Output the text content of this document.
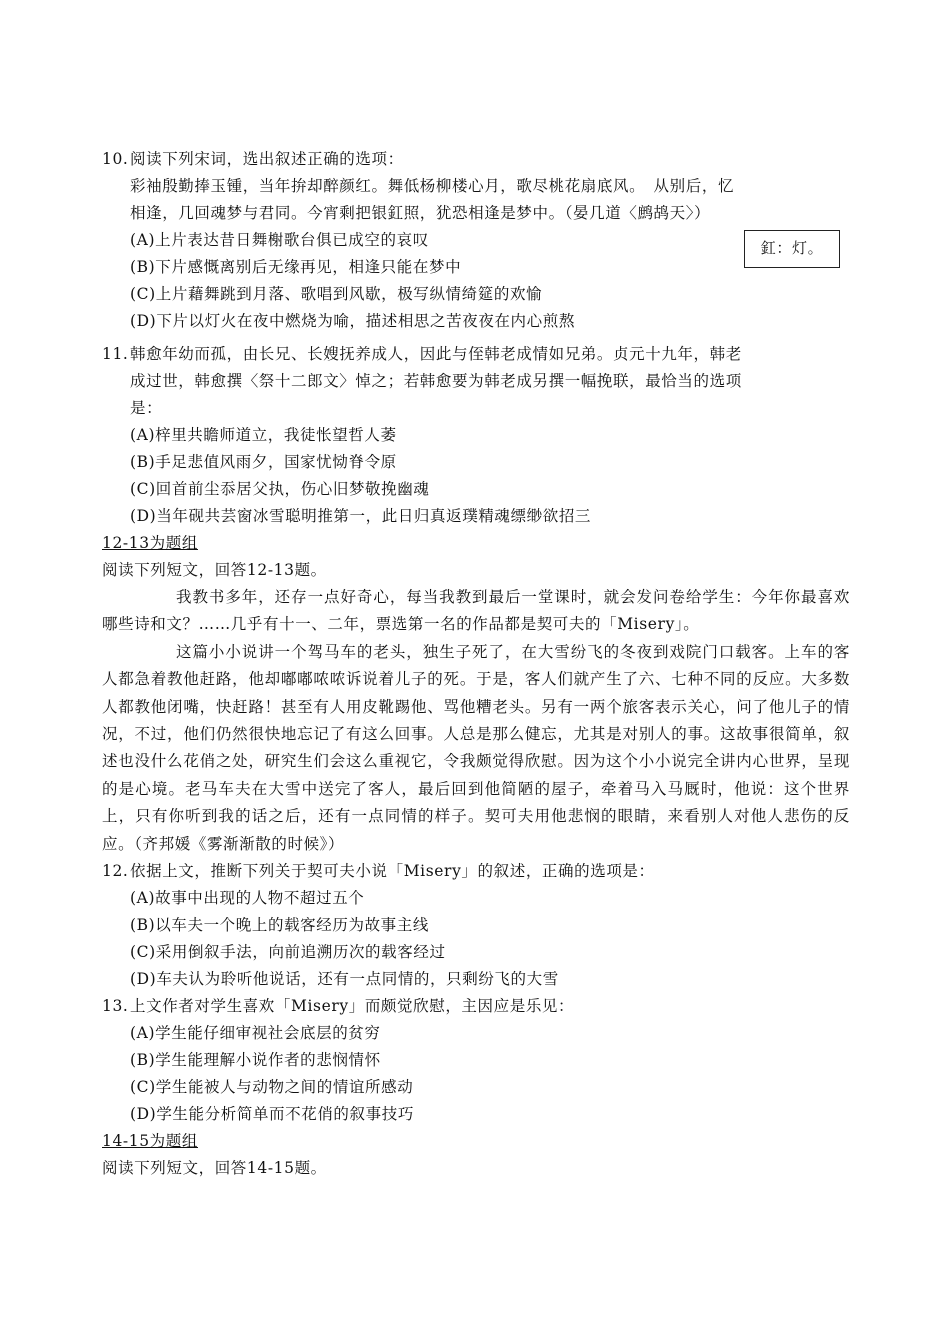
10.阅读下列宋词，选出叙述正确的选项：
彩袖殷勤捧玉锺，当年拚却醉颜红。舞低杨柳楼心月，歌尽桃花扇底风。　从别后，忆
相逢，几回魂梦与君同。今宵剩把银釭照，犹恐相逢是梦中。（晏几道〈鹧鸪天〉）
釭：灯。
(A)上片表达昔日舞榭歌台俱已成空的哀叹
(B)下片感慨离别后无缘再见，相逢只能在梦中
(C)上片藉舞跳到月落、歌唱到风歇，极写纵情绮筵的欢愉
(D)下片以灯火在夜中燃烧为喻，描述相思之苦夜夜在内心煎熬
11.韩愈年幼而孤，由长兄、长嫂抚养成人，因此与侄韩老成情如兄弟。贞元十九年，韩老
成过世，韩愈撰〈祭十二郎文〉悼之；若韩愈要为韩老成另撰一幅挽联，最恰当的选项
是：
(A)梓里共瞻师道立，我徒怅望哲人萎
(B)手足悲值风雨夕，国家忧恸脊令原
(C)回首前尘忝居父执，伤心旧梦敬挽幽魂
(D)当年砚共芸窗冰雪聪明推第一，此日归真返璞精魂缥缈欲招三
12-13为题组
阅读下列短文，回答12-13题。

我教书多年，还存一点好奇心，每当我教到最后一堂课时，就会发问卷给学生：今年你最喜欢哪些诗和文？……几乎有十一、二年，票选第一名的作品都是契可夫的「Misery」。

这篇小小说讲一个驾马车的老头，独生子死了，在大雪纷飞的冬夜到戏院门口载客。上车的客人都急着教他赶路，他却嘟嘟哝哝诉说着儿子的死。于是，客人们就产生了六、七种不同的反应。大多数人都教他闭嘴，快赶路！甚至有人用皮靴踢他、骂他糟老头。另有一两个旅客表示关心，问了他儿子的情况，不过，他们仍然很快地忘记了有这么回事。人总是那么健忘，尤其是对别人的事。这故事很简单，叙述也没什么花俏之处，研究生们会这么重视它，令我颇觉得欣慰。因为这个小小说完全讲内心世界，呈现的是心境。老马车夫在大雪中送完了客人，最后回到他简陋的屋子，牵着马入马厩时，他说：这个世界上，只有你听到我的话之后，还有一点同情的样子。契可夫用他悲悯的眼睛，来看别人对他人悲伤的反应。（齐邦媛《雾渐渐散的时候》）

12.依据上文，推断下列关于契可夫小说「Misery」的叙述，正确的选项是：
(A)故事中出现的人物不超过五个
(B)以车夫一个晚上的载客经历为故事主线
(C)采用倒叙手法，向前追溯历次的载客经过
(D)车夫认为聆听他说话，还有一点同情的，只剩纷飞的大雪
13.上文作者对学生喜欢「Misery」而颇觉欣慰，主因应是乐见：
(A)学生能仔细审视社会底层的贫穷
(B)学生能理解小说作者的悲悯情怀
(C)学生能被人与动物之间的情谊所感动
(D)学生能分析简单而不花俏的叙事技巧
14-15为题组
阅读下列短文，回答14-15题。
